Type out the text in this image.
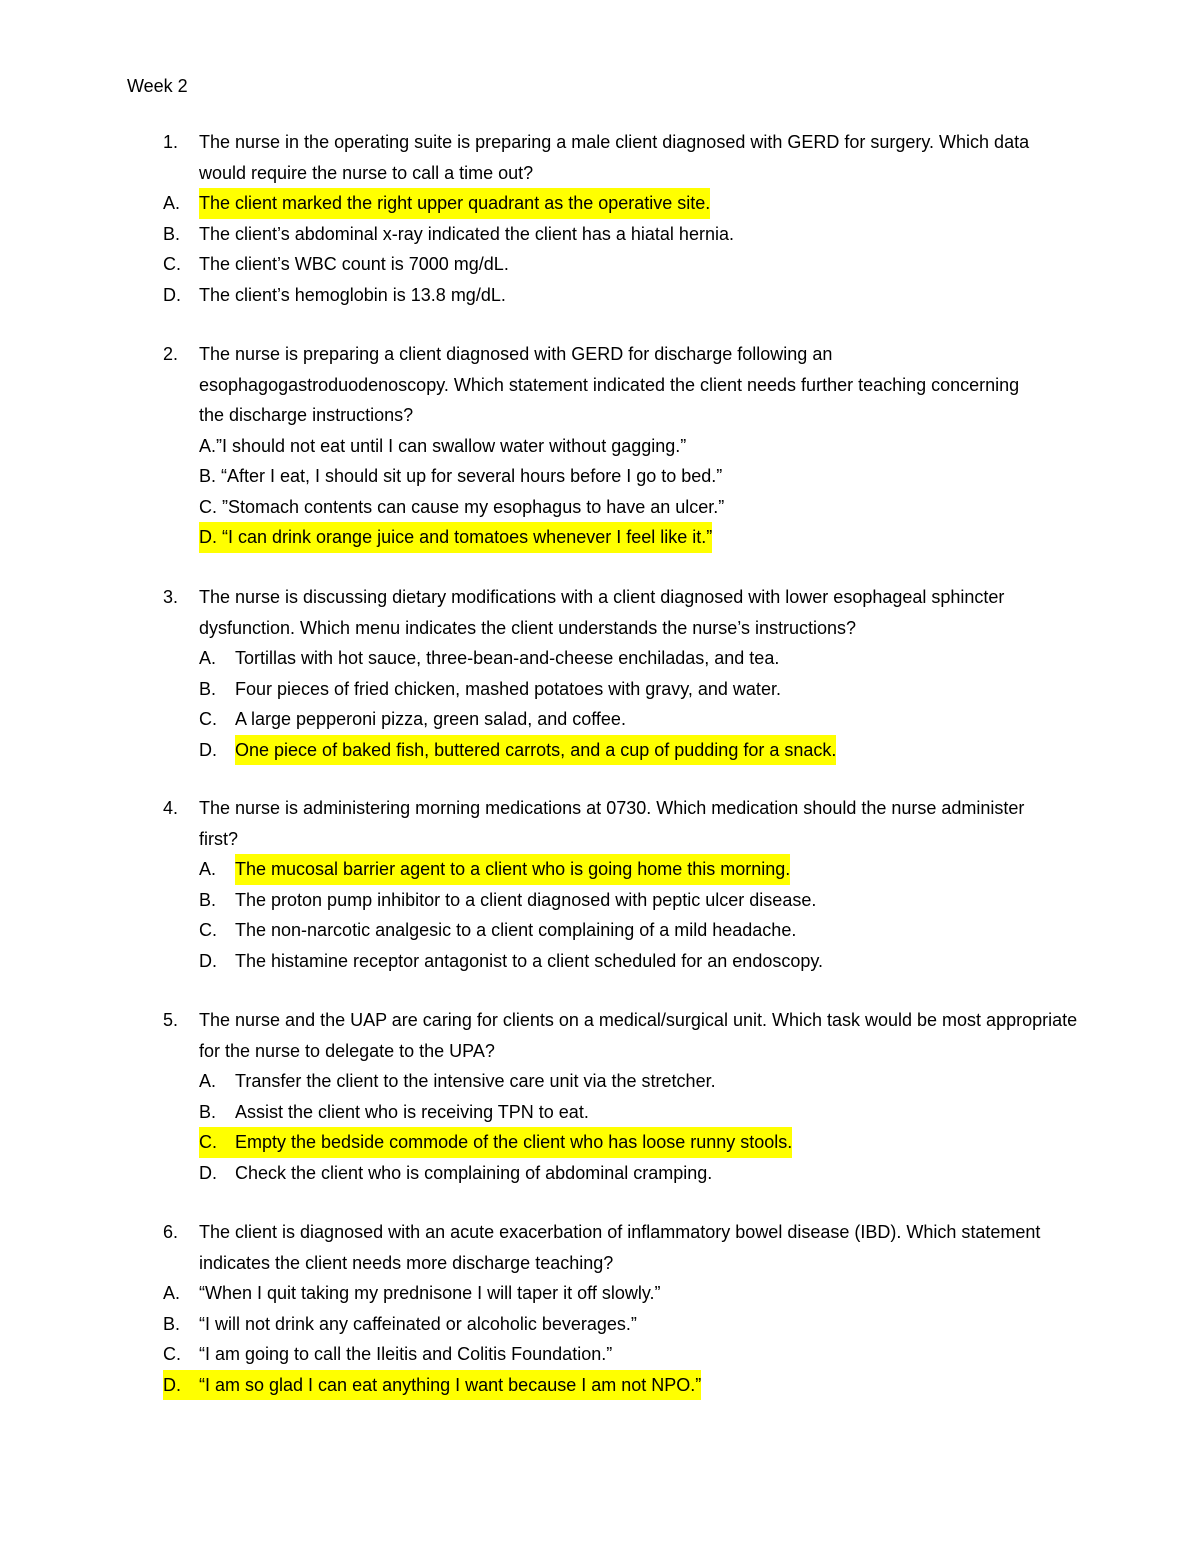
Week 2
1.	The nurse in the operating suite is preparing a male client diagnosed with GERD for surgery. Which data would require the nurse to call a time out?
A.	The client marked the right upper quadrant as the operative site.
B.	The client’s abdominal x-ray indicated the client has a hiatal hernia.
C.	The client’s WBC count is 7000 mg/dL.
D.	The client’s hemoglobin is 13.8 mg/dL.
2.	The nurse is preparing a client diagnosed with GERD for discharge following an esophagogastroduodenoscopy. Which statement indicated the client needs further teaching concerning the discharge instructions?
A.”I should not eat until I can swallow water without gagging.”
B. “After I eat, I should sit up for several hours before I go to bed.”
C. ”Stomach contents can cause my esophagus to have an ulcer.”
D. “I can drink orange juice and tomatoes whenever I feel like it.”
3.	The nurse is discussing dietary modifications with a client diagnosed with lower esophageal sphincter dysfunction. Which menu indicates the client understands the nurse’s instructions?
A.	Tortillas with hot sauce, three-bean-and-cheese enchiladas, and tea.
B.	Four pieces of fried chicken, mashed potatoes with gravy, and water.
C.	A large pepperoni pizza, green salad, and coffee.
D.	One piece of baked fish, buttered carrots, and a cup of pudding for a snack.
4.	The nurse is administering morning medications at 0730. Which medication should the nurse administer first?
A.	The mucosal barrier agent to a client who is going home this morning.
B.	The proton pump inhibitor to a client diagnosed with peptic ulcer disease.
C.	The non-narcotic analgesic to a client complaining of a mild headache.
D.	The histamine receptor antagonist to a client scheduled for an endoscopy.
5.	The nurse and the UAP are caring for clients on a medical/surgical unit. Which task would be most appropriate for the nurse to delegate to the UPA?
A.	Transfer the client to the intensive care unit via the stretcher.
B.	Assist the client who is receiving TPN to eat.
C.	Empty the bedside commode of the client who has loose runny stools.
D.	Check the client who is complaining of abdominal cramping.
6.	The client is diagnosed with an acute exacerbation of inflammatory bowel disease (IBD). Which statement indicates the client needs more discharge teaching?
A.	“When I quit taking my prednisone I will taper it off slowly.”
B.	“I will not drink any caffeinated or alcoholic beverages.”
C.	“I am going to call the Ileitis and Colitis Foundation.”
D.	“I am so glad I can eat anything I want because I am not NPO.”
